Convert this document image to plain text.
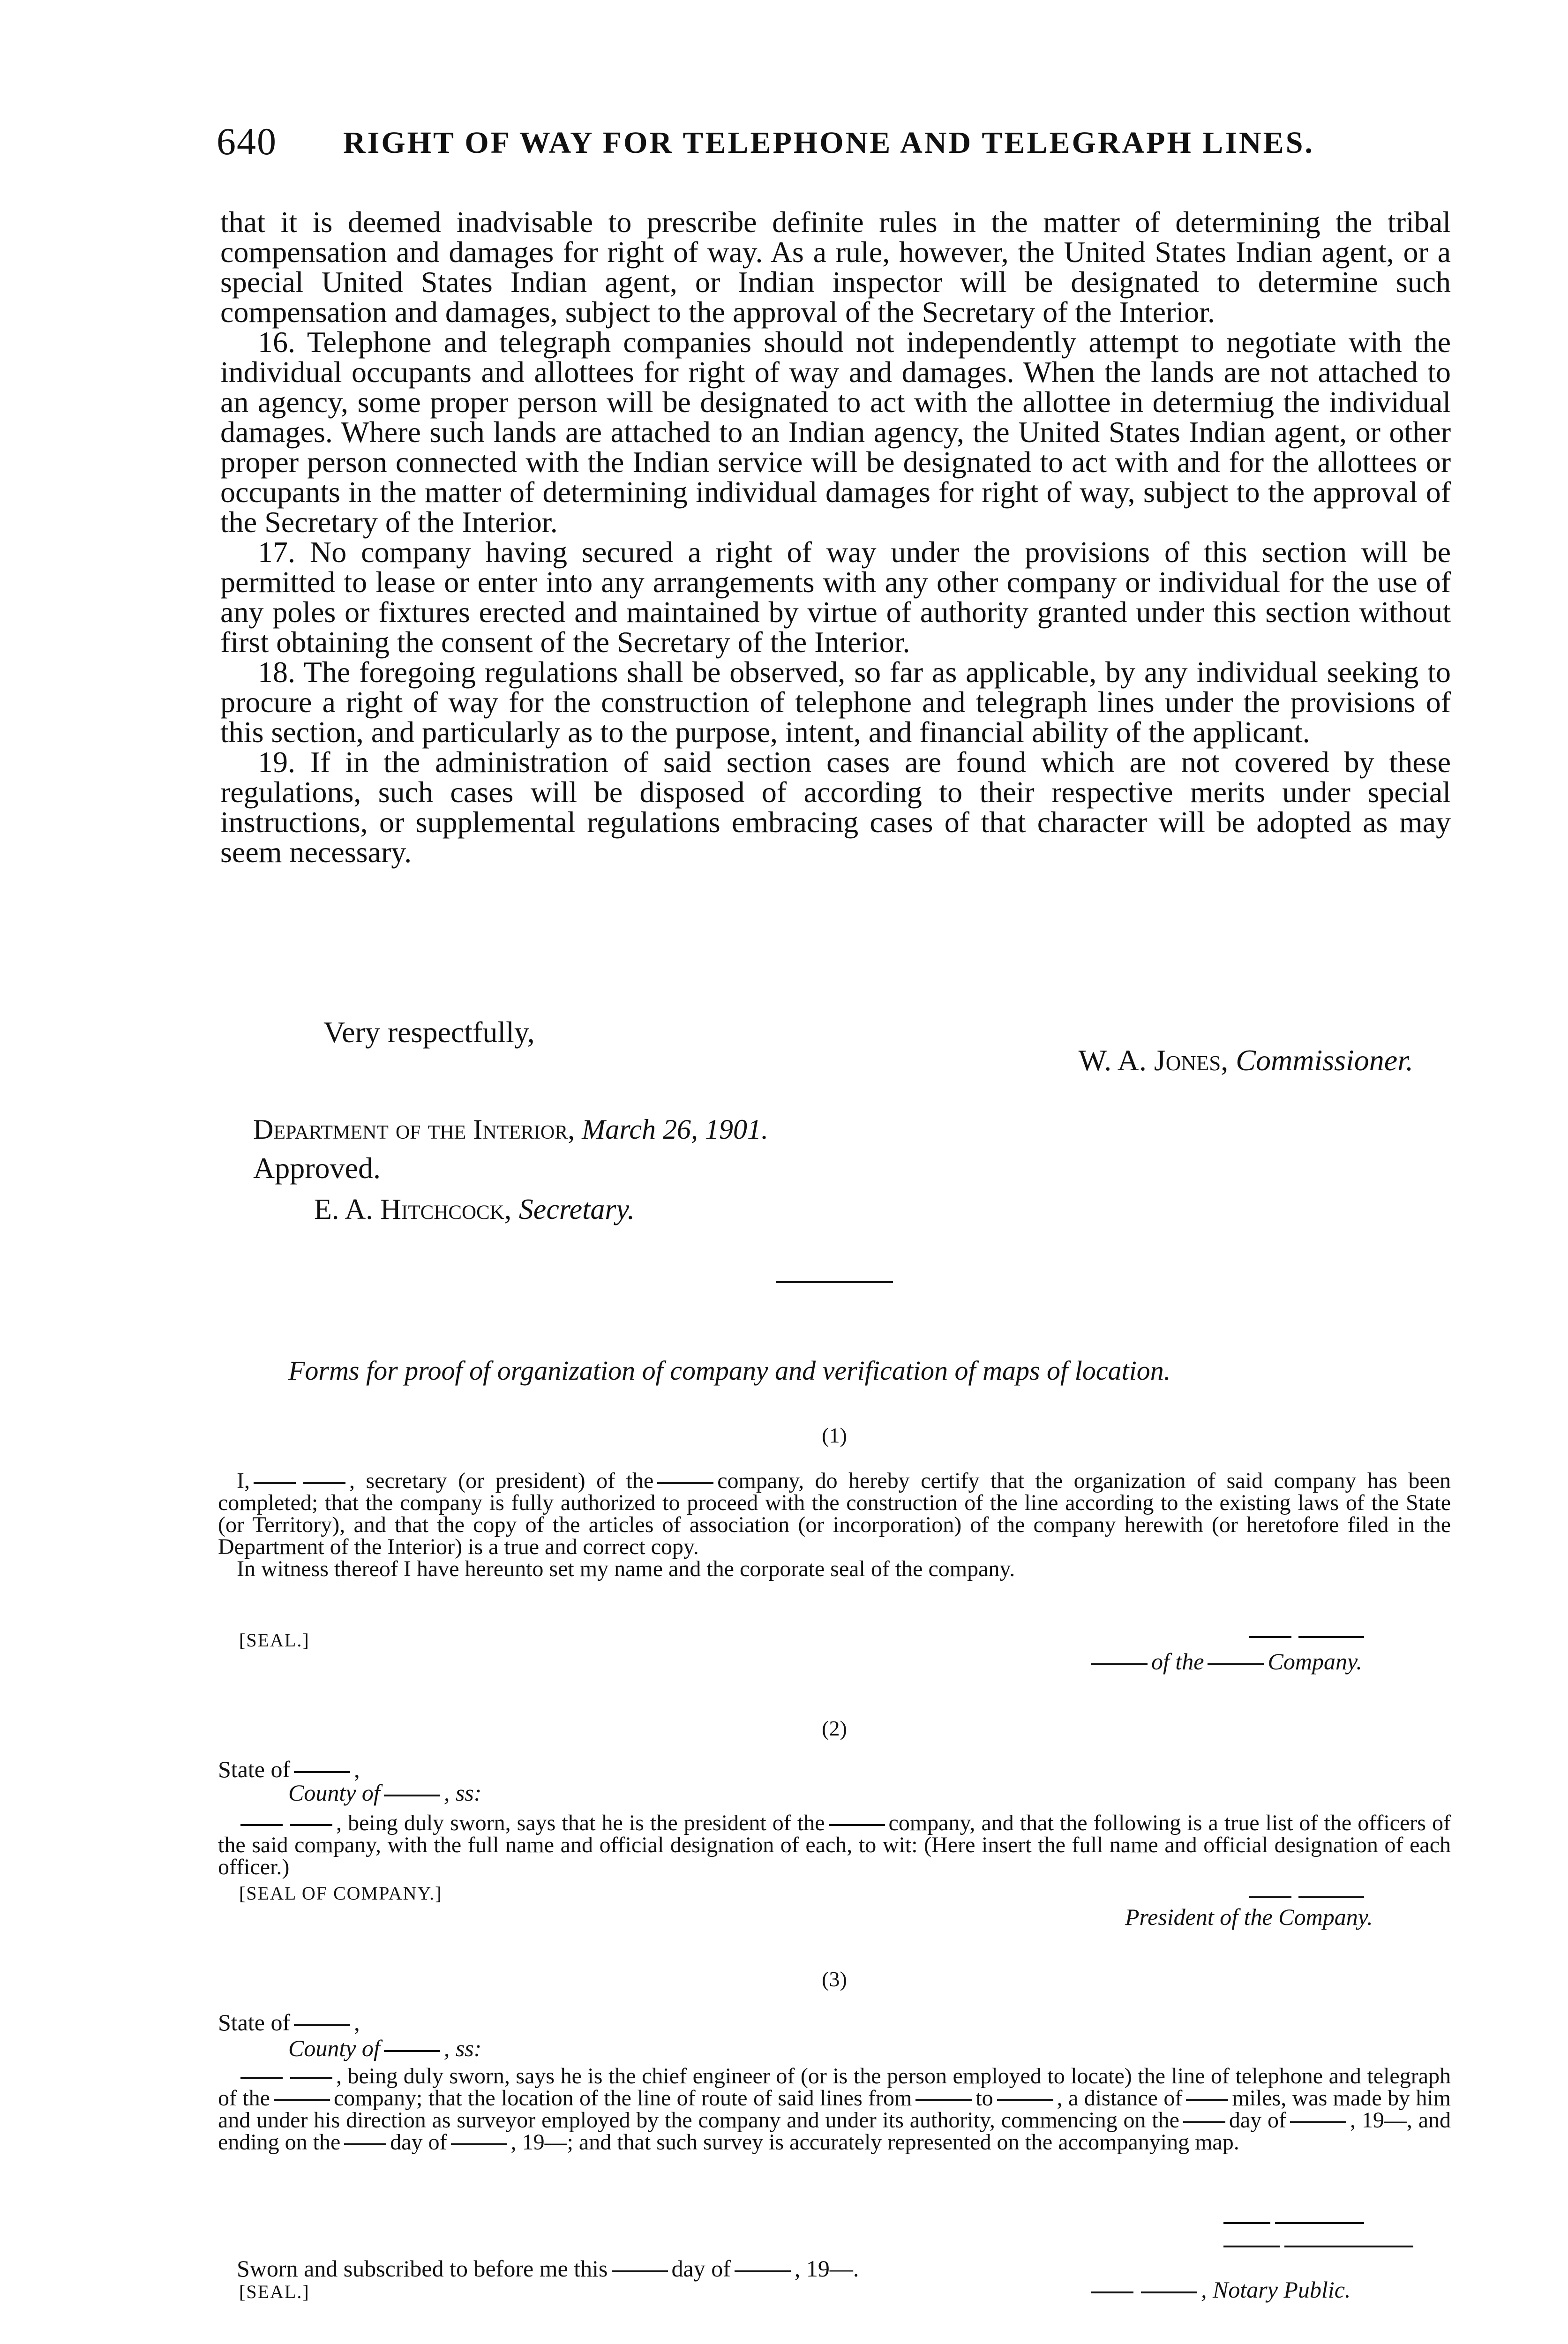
640 RIGHT OF WAY FOR TELEPHONE AND TELEGRAPH LINES.

that it is deemed inadvisable to prescribe definite rules in the matter of determining the tribal compensation and damages for right of way. As a rule, however, the United States Indian agent, or a special United States Indian agent, or Indian inspector will be designated to determine such compensation and damages, subject to the approval of the Secretary of the Interior.

16. Telephone and telegraph companies should not independently attempt to negotiate with the individual occupants and allottees for right of way and damages. When the lands are not attached to an agency, some proper person will be designated to act with the allottee in determiug the individual damages. Where such lands are attached to an Indian agency, the United States Indian agent, or other proper person connected with the Indian service will be designated to act with and for the allottees or occupants in the matter of determining individual damages for right of way, subject to the approval of the Secretary of the Interior.

17. No company having secured a right of way under the provisions of this section will be permitted to lease or enter into any arrangements with any other company or individual for the use of any poles or fixtures erected and maintained by virtue of authority granted under this section without first obtaining the consent of the Secretary of the Interior.

18. The foregoing regulations shall be observed, so far as applicable, by any individual seeking to procure a right of way for the construction of telephone and telegraph lines under the provisions of this section, and particularly as to the purpose, intent, and financial ability of the applicant.

19. If in the administration of said section cases are found which are not covered by these regulations, such cases will be disposed of according to their respective merits under special instructions, or supplemental regulations embracing cases of that character will be adopted as may seem necessary.

Very respectfully,
W. A. Jones, Commissioner.
Department of the Interior, March 26, 1901.
Approved.
E. A. Hitchcock, Secretary.
Forms for proof of organization of company and verification of maps of location.
(1)

I,	, secretary (or president) of the	company, do hereby certify that the organization of said company has been completed; that the company is fully authorized to proceed with the construction of the line according to the existing laws of the State (or Territory), and that the copy of the articles of association (or incorporation) of the company herewith (or heretofore filed in the Department of the Interior) is a true and correct copy.

In witness thereof I have hereunto set my name and the corporate seal of the company.

[SEAL.]
of the	Company.
(2)
State of	,
County of	, ss:

, being duly sworn, says that he is the president of the	company, and that the following is a true list of the officers of the said company, with the full name and official designation of each, to wit: (Here insert the full name and official designation of each officer.)

[SEAL OF COMPANY.]
President of the Company.
(3)
State of	,
County of	, ss:

, being duly sworn, says he is the chief engineer of (or is the person employed to locate) the line of telephone and telegraph of the	company; that the location of the line of route of said lines from	to	, a distance of miles, was made by him and under his direction as surveyor employed by the company and under its authority, commencing on the day of	, 19—, and ending on the day of	, 19—; and that such survey is accurately represented on the accompanying map.

Sworn and subscribed to before me this	day of	, 19—.
[SEAL.]	, Notary Public.
